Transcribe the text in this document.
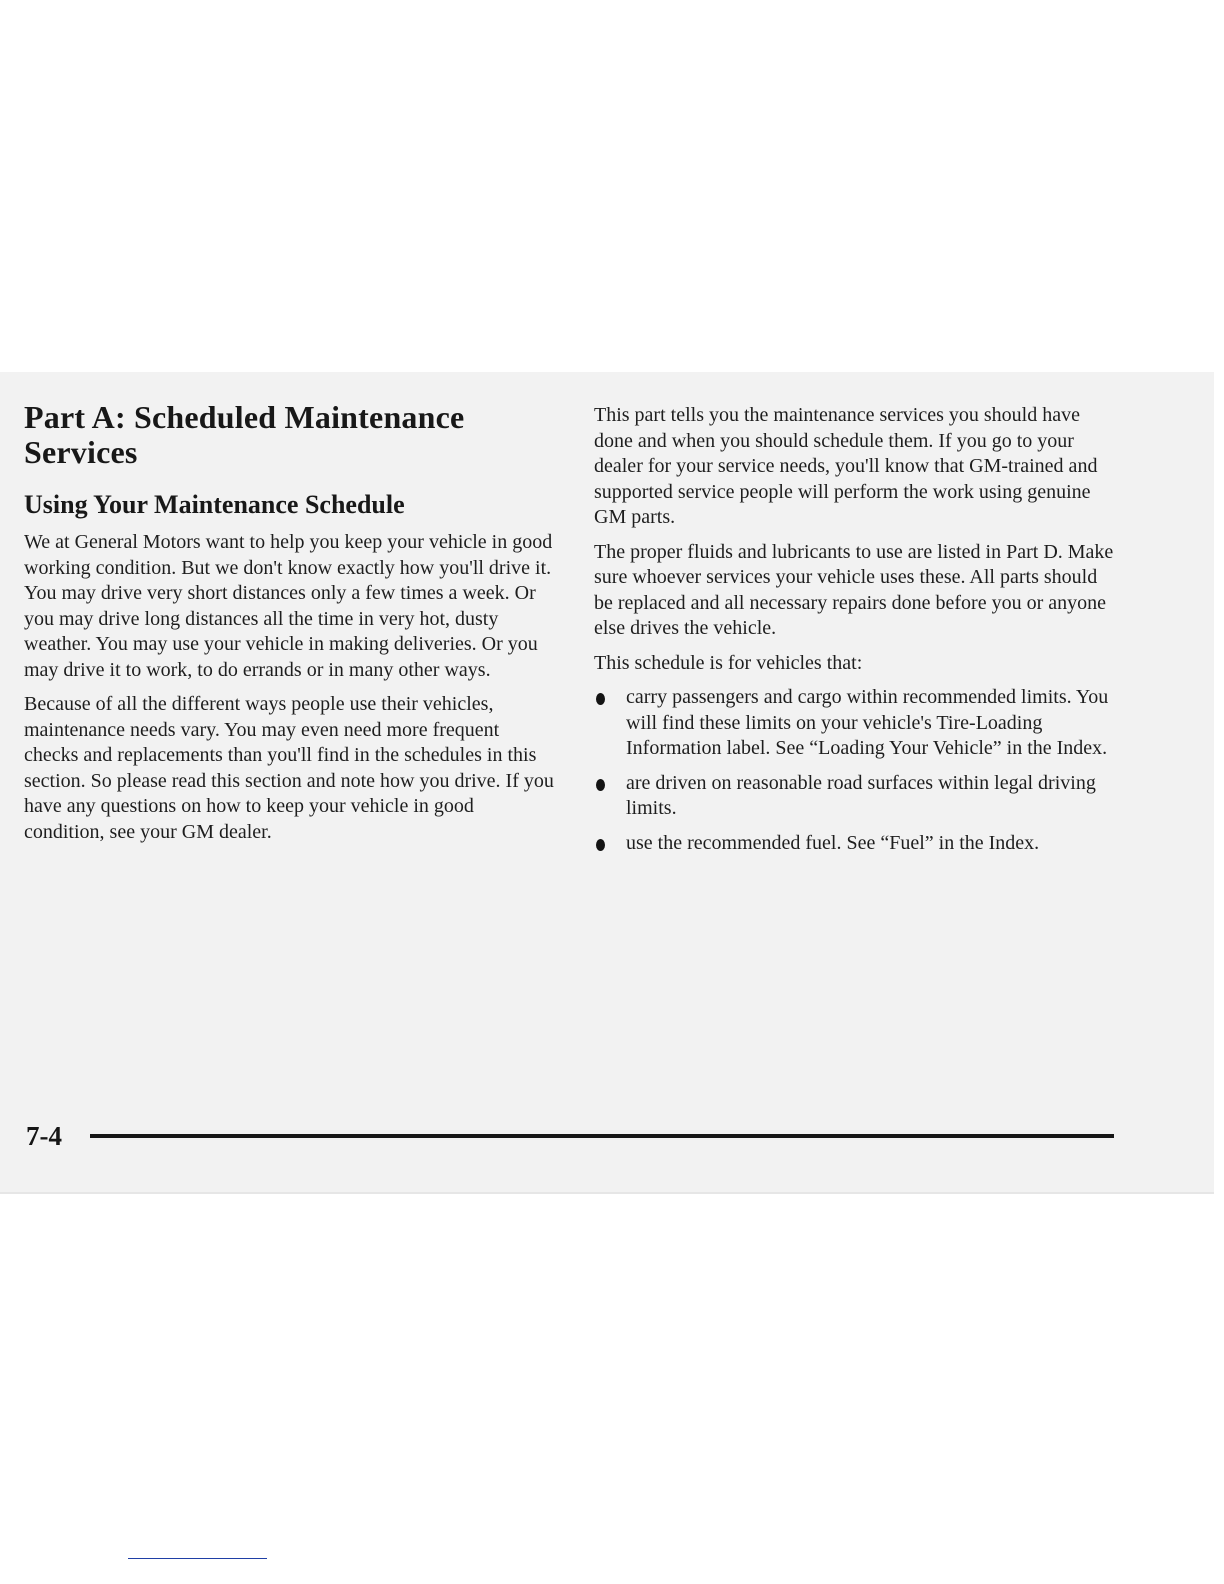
Part A: Scheduled Maintenance Services
Using Your Maintenance Schedule

We at General Motors want to help you keep your vehicle in good working condition. But we don't know exactly how you'll drive it. You may drive very short distances only a few times a week. Or you may drive long distances all the time in very hot, dusty weather. You may use your vehicle in making deliveries. Or you may drive it to work, to do errands or in many other ways.

Because of all the different ways people use their vehicles, maintenance needs vary. You may even need more frequent checks and replacements than you'll find in the schedules in this section. So please read this section and note how you drive. If you have any questions on how to keep your vehicle in good condition, see your GM dealer.

This part tells you the maintenance services you should have done and when you should schedule them. If you go to your dealer for your service needs, you'll know that GM-trained and supported service people will perform the work using genuine GM parts.

The proper fluids and lubricants to use are listed in Part D. Make sure whoever services your vehicle uses these. All parts should be replaced and all necessary repairs done before you or anyone else drives the vehicle.

This schedule is for vehicles that:

carry passengers and cargo within recommended limits. You will find these limits on your vehicle's Tire-Loading Information label. See “Loading Your Vehicle” in the Index.
are driven on reasonable road surfaces within legal driving limits.
use the recommended fuel. See “Fuel” in the Index.
7-4
